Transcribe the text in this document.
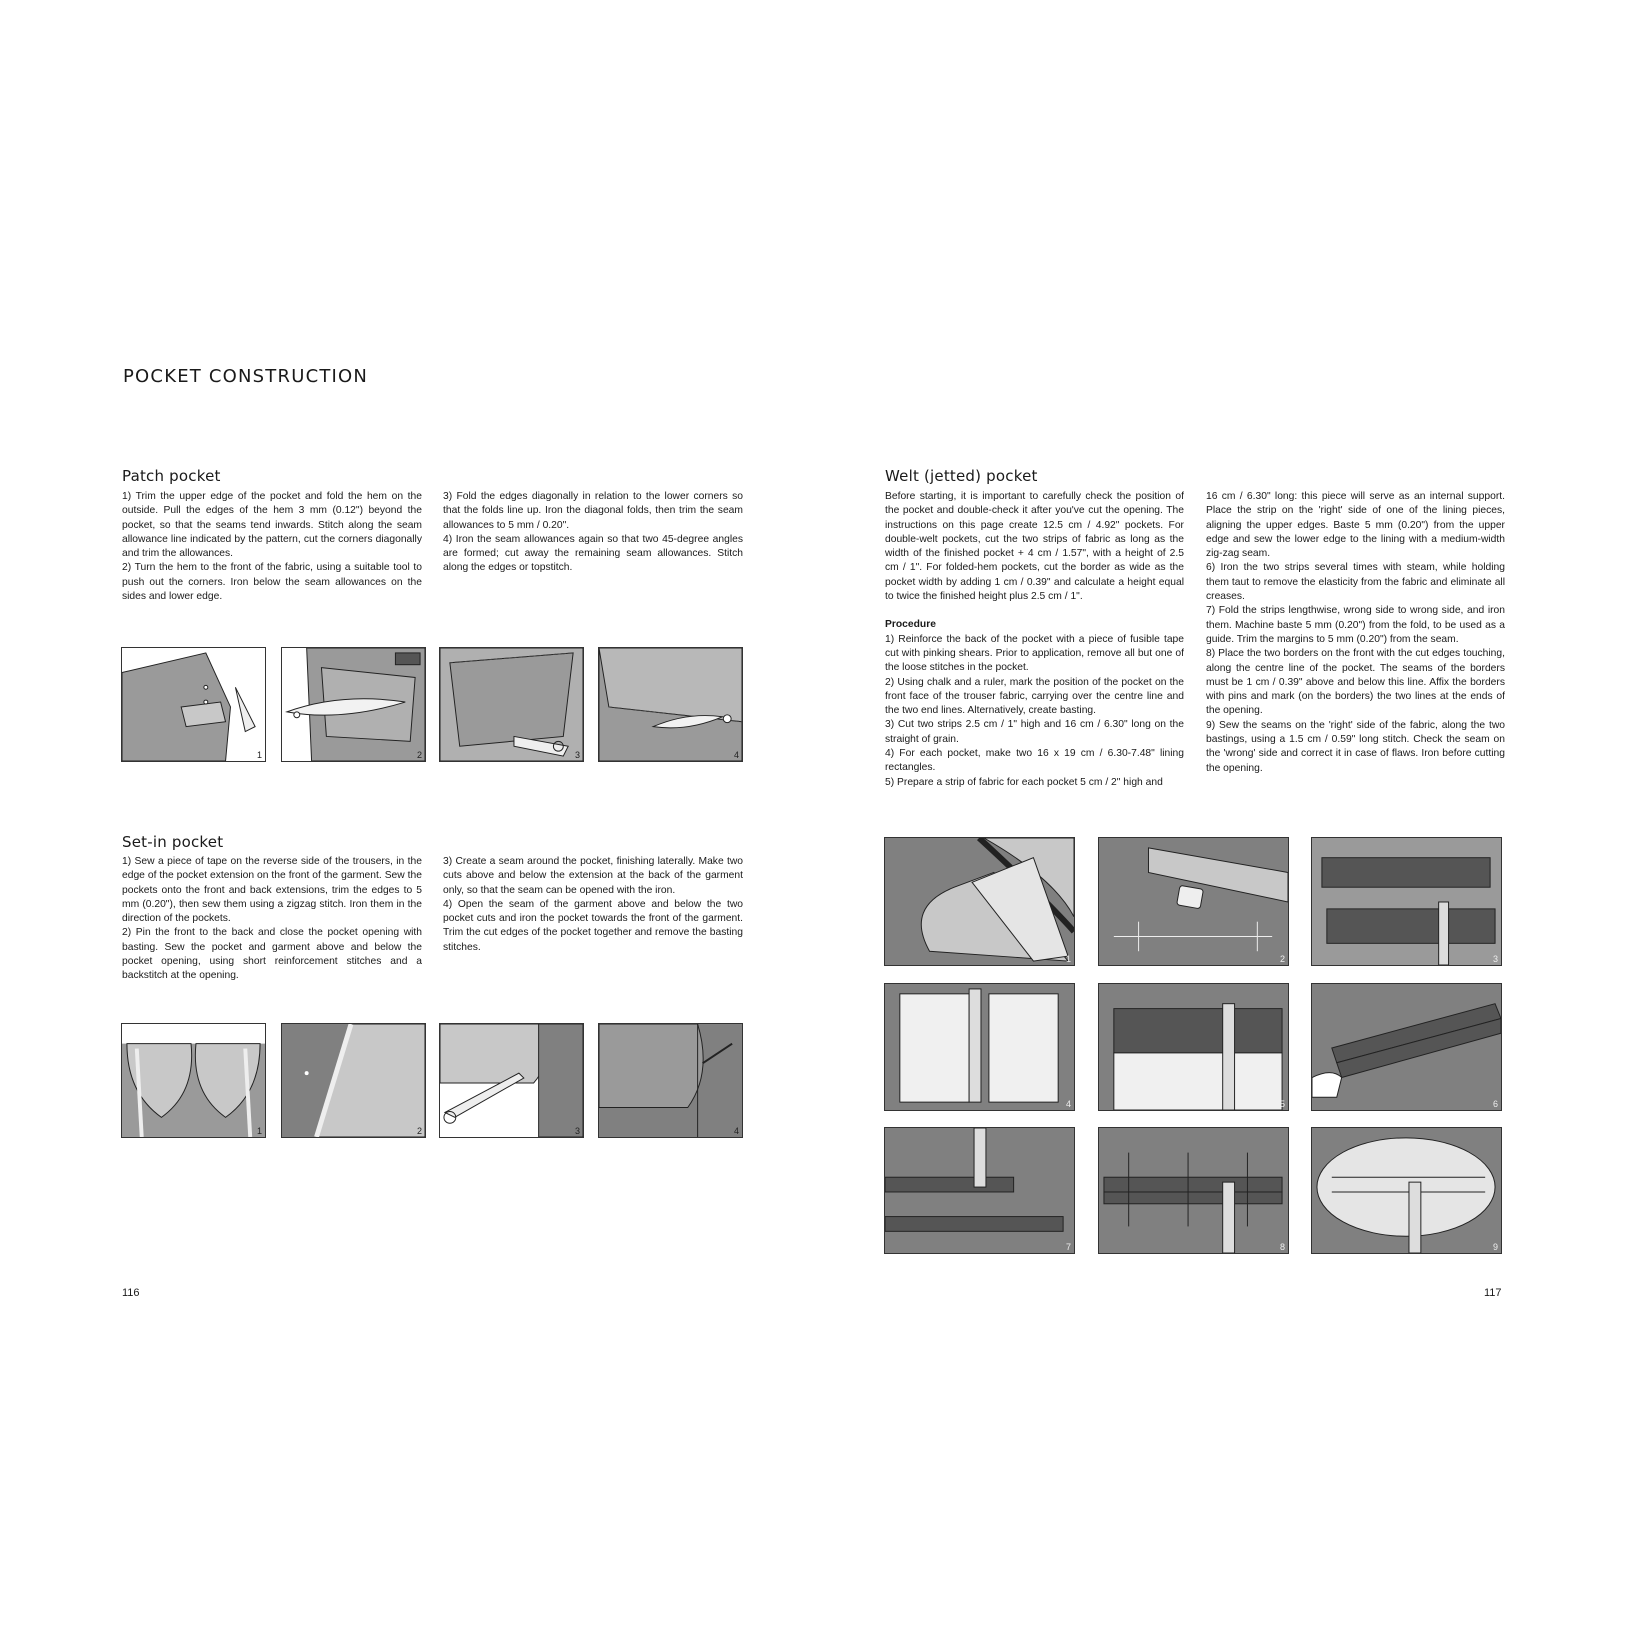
POCKET CONSTRUCTION
Patch pocket

1) Trim the upper edge of the pocket and fold the hem on the outside. Pull the edges of the hem 3 mm (0.12") beyond the pocket, so that the seams tend inwards. Stitch along the seam allowance line indicated by the pattern, cut the corners diagonally and trim the allowances.

2) Turn the hem to the front of the fabric, using a suitable tool to push out the corners. Iron below the seam allowances on the sides and lower edge.

3) Fold the edges diagonally in relation to the lower corners so that the folds line up. Iron the diagonal folds, then trim the seam allowances to 5 mm / 0.20".

4) Iron the seam allowances again so that two 45-degree angles are formed; cut away the remaining seam allowances. Stitch along the edges or topstitch.

1	2	3	4
Set-in pocket

1) Sew a piece of tape on the reverse side of the trousers, in the edge of the pocket extension on the front of the garment. Sew the pockets onto the front and back extensions, trim the edges to 5 mm (0.20"), then sew them using a zigzag stitch. Iron them in the direction of the pockets.

2) Pin the front to the back and close the pocket opening with basting. Sew the pocket and garment above and below the pocket opening, using short reinforcement stitches and a backstitch at the opening.

3) Create a seam around the pocket, finishing laterally. Make two cuts above and below the extension at the back of the garment only, so that the seam can be opened with the iron.

4) Open the seam of the garment above and below the two pocket cuts and iron the pocket towards the front of the garment. Trim the cut edges of the pocket together and remove the basting stitches.

1	2	3	4
116
Welt (jetted) pocket

Before starting, it is important to carefully check the position of the pocket and double-check it after you've cut the opening. The instructions on this page create 12.5 cm / 4.92" pockets. For double-welt pockets, cut the two strips of fabric as long as the width of the finished pocket + 4 cm / 1.57", with a height of 2.5 cm / 1". For folded-hem pockets, cut the border as wide as the pocket width by adding 1 cm / 0.39" and calculate a height equal to twice the finished height plus 2.5 cm / 1".

Procedure

1) Reinforce the back of the pocket with a piece of fusible tape cut with pinking shears. Prior to application, remove all but one of the loose stitches in the pocket.

2) Using chalk and a ruler, mark the position of the pocket on the front face of the trouser fabric, carrying over the centre line and the two end lines. Alternatively, create basting.

3) Cut two strips 2.5 cm / 1" high and 16 cm / 6.30" long on the straight of grain.

4) For each pocket, make two 16 x 19 cm / 6.30-7.48" lining rectangles.

5) Prepare a strip of fabric for each pocket 5 cm / 2" high and

16 cm / 6.30" long: this piece will serve as an internal support. Place the strip on the 'right' side of one of the lining pieces, aligning the upper edges. Baste 5 mm (0.20") from the upper edge and sew the lower edge to the lining with a medium-width zig-zag seam.

6) Iron the two strips several times with steam, while holding them taut to remove the elasticity from the fabric and eliminate all creases.

7) Fold the strips lengthwise, wrong side to wrong side, and iron them. Machine baste 5 mm (0.20") from the fold, to be used as a guide. Trim the margins to 5 mm (0.20") from the seam.

8) Place the two borders on the front with the cut edges touching, along the centre line of the pocket. The seams of the borders must be 1 cm / 0.39" above and below this line. Affix the borders with pins and mark (on the borders) the two lines at the ends of the opening.

9) Sew the seams on the 'right' side of the fabric, along the two bastings, using a 1.5 cm / 0.59" long stitch. Check the seam on the 'wrong' side and correct it in case of flaws. Iron before cutting the opening.

1	2	3
4	5	6
7	8	9
117
